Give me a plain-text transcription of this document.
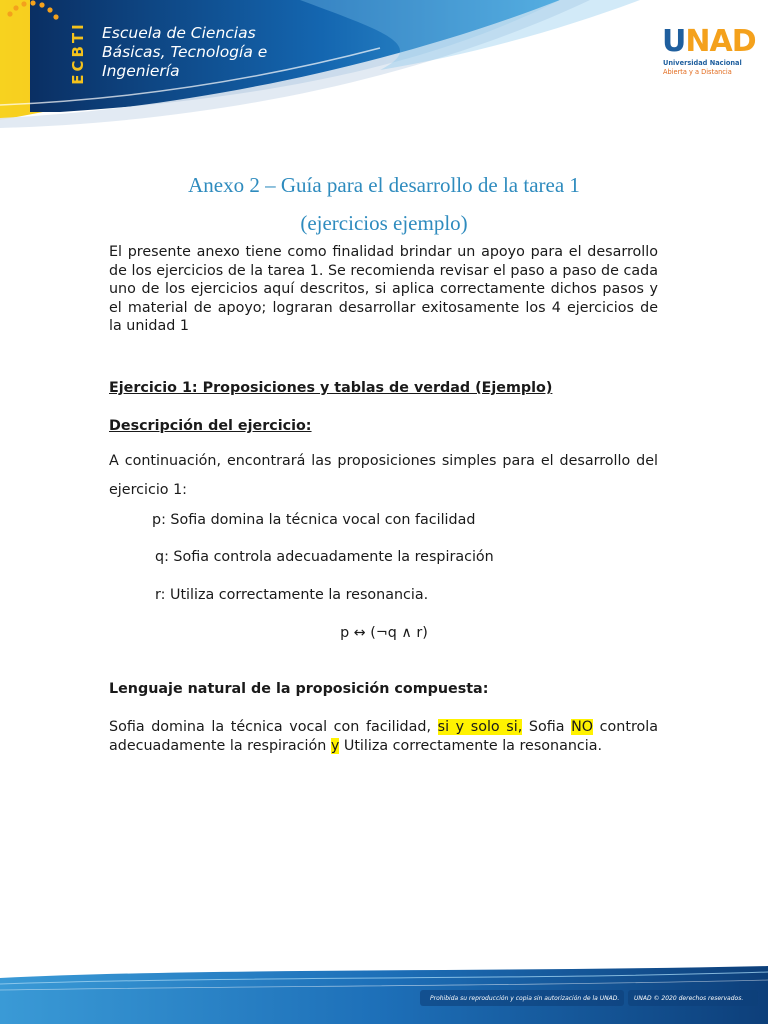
ECBTI Escuela de Ciencias
Básicas, Tecnología e
Ingeniería
UNAD
Universidad Nacional
Abierta y a Distancia
Anexo 2 – Guía para el desarrollo de la tarea 1
(ejercicios ejemplo)
El presente anexo tiene como finalidad brindar un apoyo para el desarrollo de los ejercicios de la tarea 1. Se recomienda revisar el paso a paso de cada uno de los ejercicios aquí descritos, si aplica correctamente dichos pasos y el material de apoyo; lograran desarrollar exitosamente los 4 ejercicios de la unidad 1
Ejercicio 1: Proposiciones y tablas de verdad (Ejemplo)
Descripción del ejercicio:
A continuación, encontrará las proposiciones simples para el desarrollo del ejercicio 1:
p: Sofia domina la técnica vocal con facilidad
q: Sofia controla adecuadamente la respiración
r: Utiliza correctamente la resonancia.
p ↔ (¬q ∧ r)
Lenguaje natural de la proposición compuesta:
Sofia domina la técnica vocal con facilidad, si y solo si, Sofia NO controla adecuadamente la respiración y Utiliza correctamente la resonancia.
Prohibida su reproducción y copia sin autorización de la UNAD. UNAD © 2020 derechos reservados.
